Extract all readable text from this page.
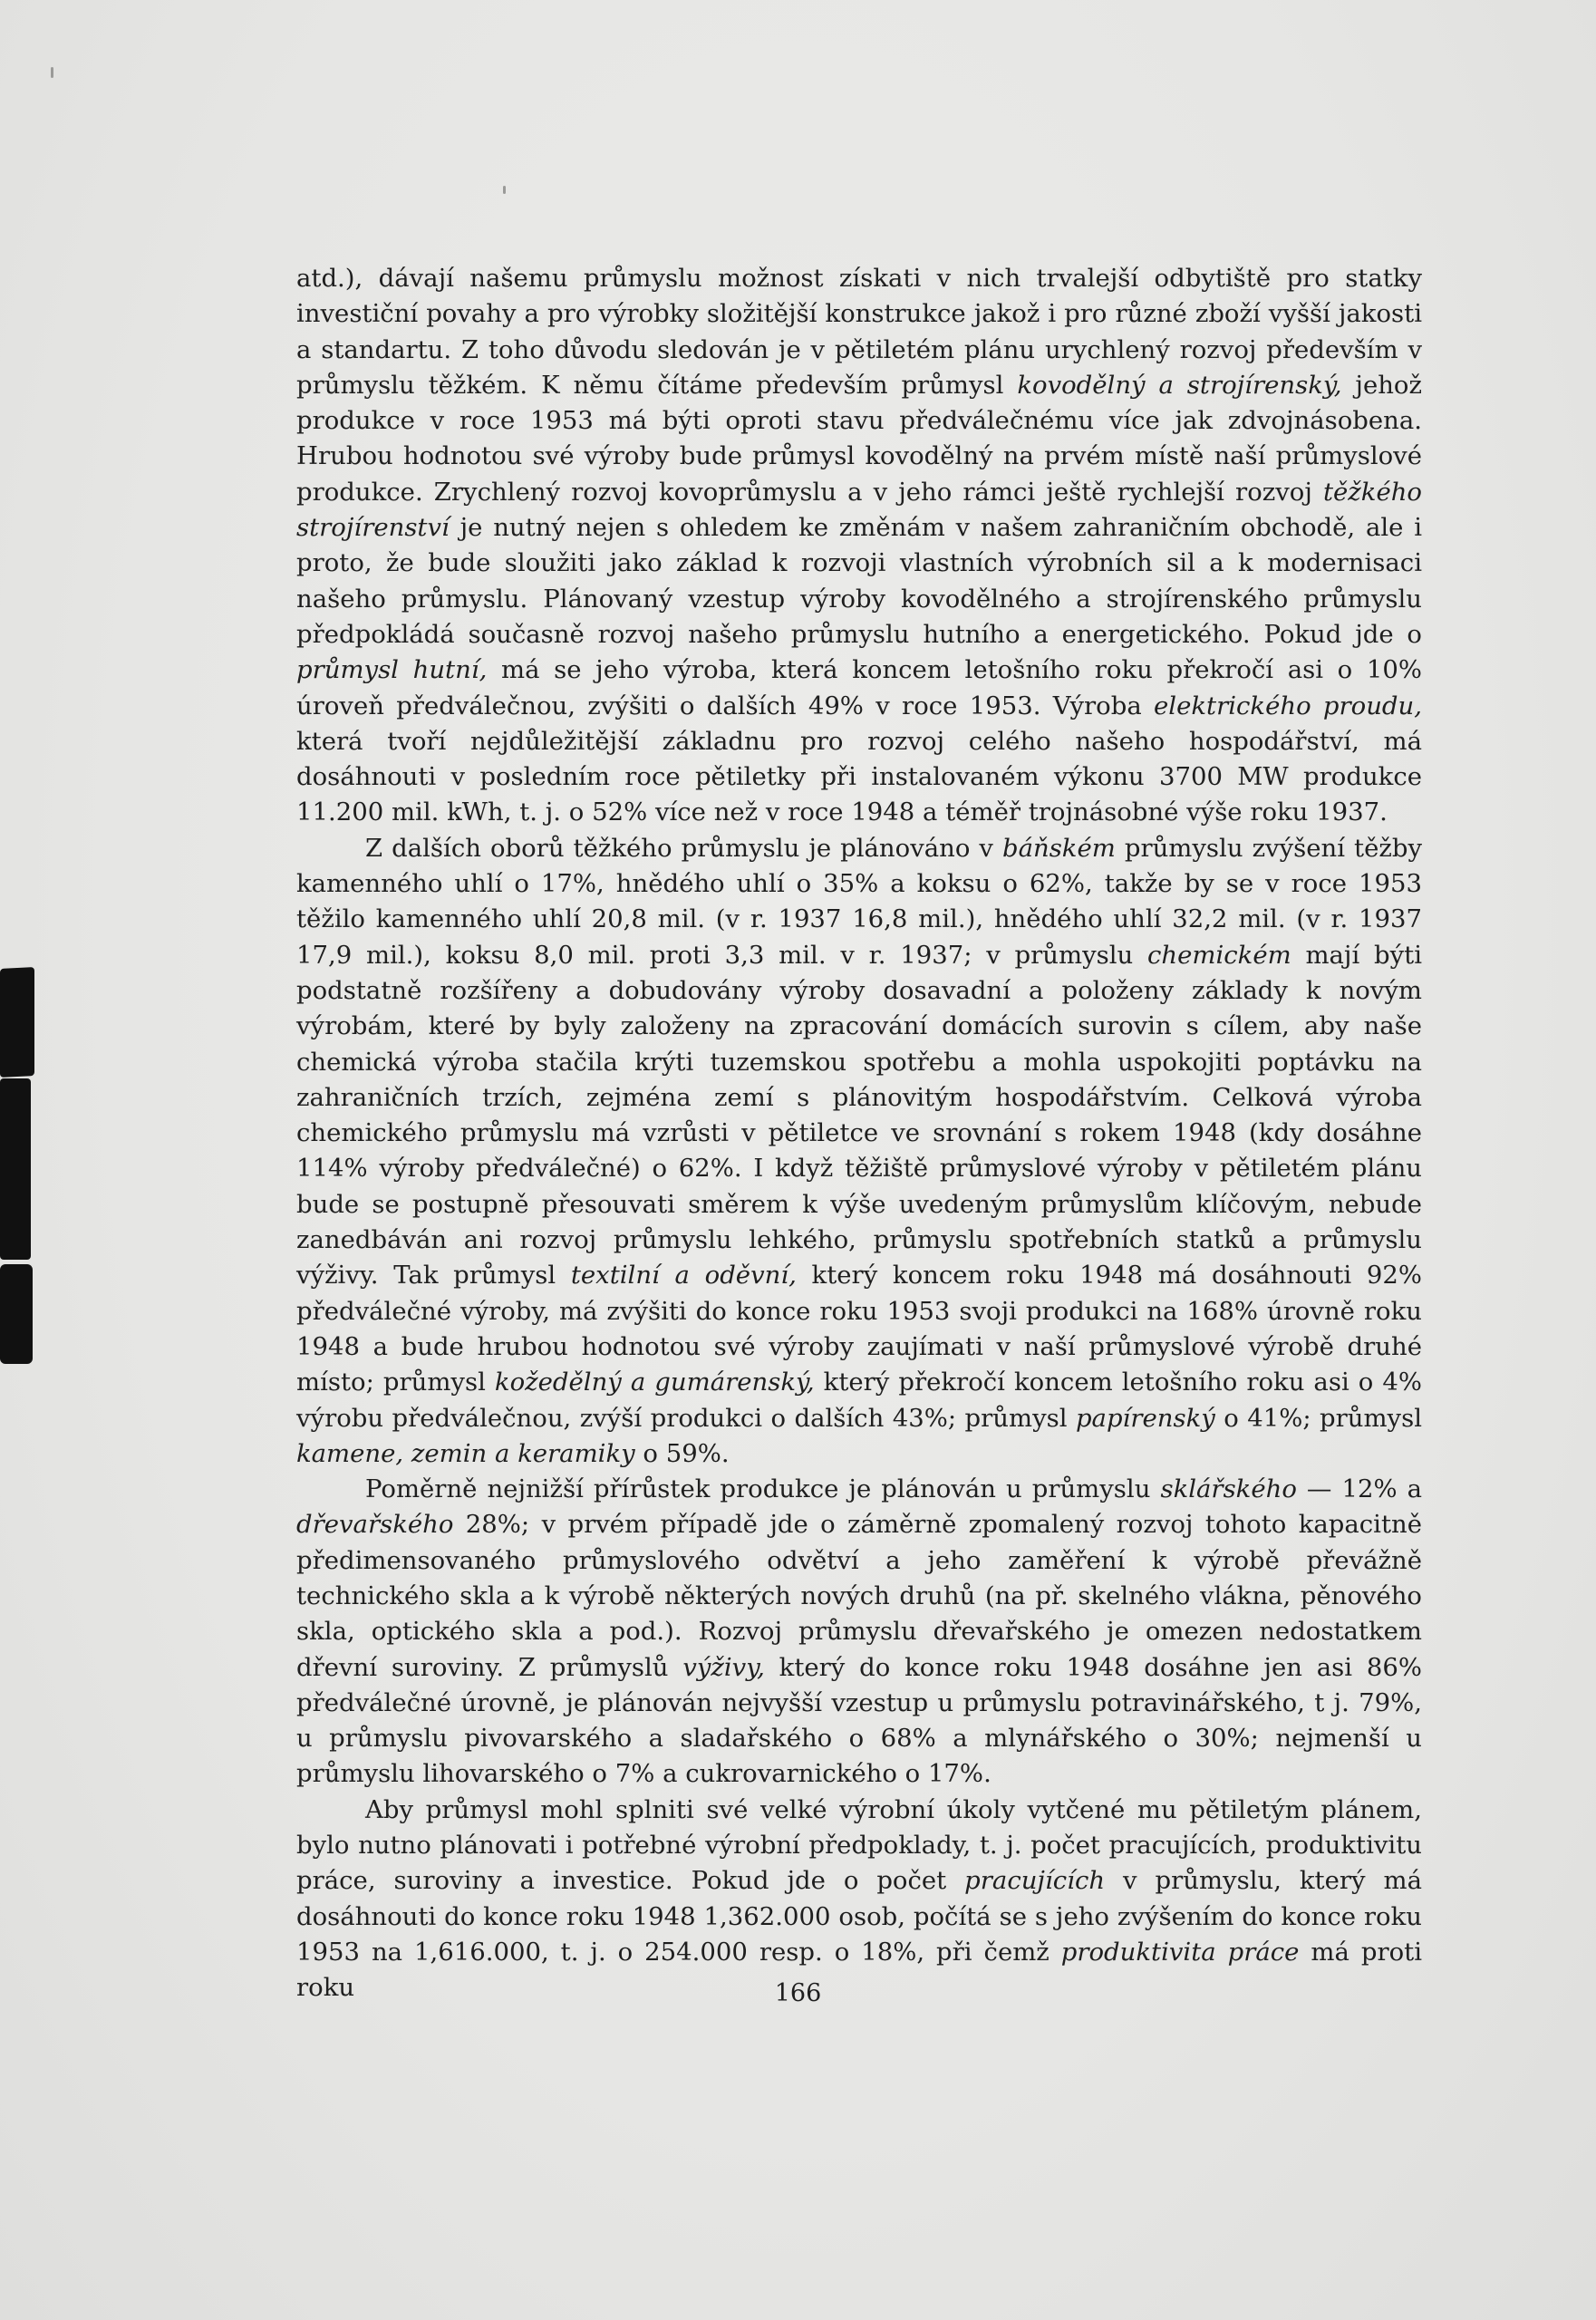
atd.), dávají našemu průmyslu možnost získati v nich trvalejší odbytiště pro statky investiční povahy a pro výrobky složitější konstrukce jakož i pro různé zboží vyšší jakosti a standartu. Z toho důvodu sledován je v pětiletém plánu urychlený rozvoj především v průmyslu těžkém. K němu čítáme především průmysl kovodělný a strojírenský, jehož produkce v roce 1953 má býti oproti stavu předválečnému více jak zdvojnásobena. Hrubou hodnotou své výroby bude průmysl kovodělný na prvém místě naší průmyslové produkce. Zrychlený rozvoj kovoprůmyslu a v jeho rámci ještě rychlejší rozvoj těžkého strojírenství je nutný nejen s ohledem ke změnám v našem zahraničním obchodě, ale i proto, že bude sloužiti jako základ k rozvoji vlastních výrobních sil a k modernisaci našeho průmyslu. Plánovaný vzestup výroby kovodělného a strojírenského průmyslu předpokládá současně rozvoj našeho průmyslu hutního a energetického. Pokud jde o průmysl hutní, má se jeho výroba, která koncem letošního roku překročí asi o 10% úroveň předválečnou, zvýšiti o dalších 49% v roce 1953. Výroba elektrického proudu, která tvoří nejdůležitější základnu pro rozvoj celého našeho hospodářství, má dosáhnouti v posledním roce pětiletky při instalovaném výkonu 3700 MW produkce 11.200 mil. kWh, t. j. o 52% více než v roce 1948 a téměř trojnásobné výše roku 1937.

Z dalších oborů těžkého průmyslu je plánováno v báňském průmyslu zvýšení těžby kamenného uhlí o 17%, hnědého uhlí o 35% a koksu o 62%, takže by se v roce 1953 těžilo kamenného uhlí 20,8 mil. (v r. 1937 16,8 mil.), hnědého uhlí 32,2 mil. (v r. 1937 17,9 mil.), koksu 8,0 mil. proti 3,3 mil. v r. 1937; v průmyslu chemickém mají býti podstatně rozšířeny a dobudovány výroby dosavadní a položeny základy k novým výrobám, které by byly založeny na zpracování domácích surovin s cílem, aby naše chemická výroba stačila krýti tuzemskou spotřebu a mohla uspokojiti poptávku na zahraničních trzích, zejména zemí s plánovitým hospodářstvím. Celková výroba chemického průmyslu má vzrůsti v pětiletce ve srovnání s rokem 1948 (kdy dosáhne 114% výroby předválečné) o 62%. I když těžiště průmyslové výroby v pětiletém plánu bude se postupně přesouvati směrem k výše uvedeným průmyslům klíčovým, nebude zanedbáván ani rozvoj průmyslu lehkého, průmyslu spotřebních statků a průmyslu výživy. Tak průmysl textilní a oděvní, který koncem roku 1948 má dosáhnouti 92% předválečné výroby, má zvýšiti do konce roku 1953 svoji produkci na 168% úrovně roku 1948 a bude hrubou hodnotou své výroby zaujímati v naší průmyslové výrobě druhé místo; průmysl kožedělný a gumárenský, který překročí koncem letošního roku asi o 4% výrobu předválečnou, zvýší produkci o dalších 43%; průmysl papírenský o 41%; průmysl kamene, zemin a keramiky o 59%.

Poměrně nejnižší přírůstek produkce je plánován u průmyslu sklářského — 12% a dřevařského 28%; v prvém případě jde o záměrně zpomalený rozvoj tohoto kapacitně předimensovaného průmyslového odvětví a jeho zaměření k výrobě převážně technického skla a k výrobě některých nových druhů (na př. skelného vlákna, pěnového skla, optického skla a pod.). Rozvoj průmyslu dřevařského je omezen nedostatkem dřevní suroviny. Z průmyslů výživy, který do konce roku 1948 dosáhne jen asi 86% předválečné úrovně, je plánován nejvyšší vzestup u průmyslu potravinářského, t j. 79%, u průmyslu pivovarského a sladařského o 68% a mlynářského o 30%; nejmenší u průmyslu lihovarského o 7% a cukrovarnického o 17%.

Aby průmysl mohl splniti své velké výrobní úkoly vytčené mu pětiletým plánem, bylo nutno plánovati i potřebné výrobní předpoklady, t. j. počet pracujících, produktivitu práce, suroviny a investice. Pokud jde o počet pracujících v průmyslu, který má dosáhnouti do konce roku 1948 1,362.000 osob, počítá se s jeho zvýšením do konce roku 1953 na 1,616.000, t. j. o 254.000 resp. o 18%, při čemž produktivita práce má proti roku	166
